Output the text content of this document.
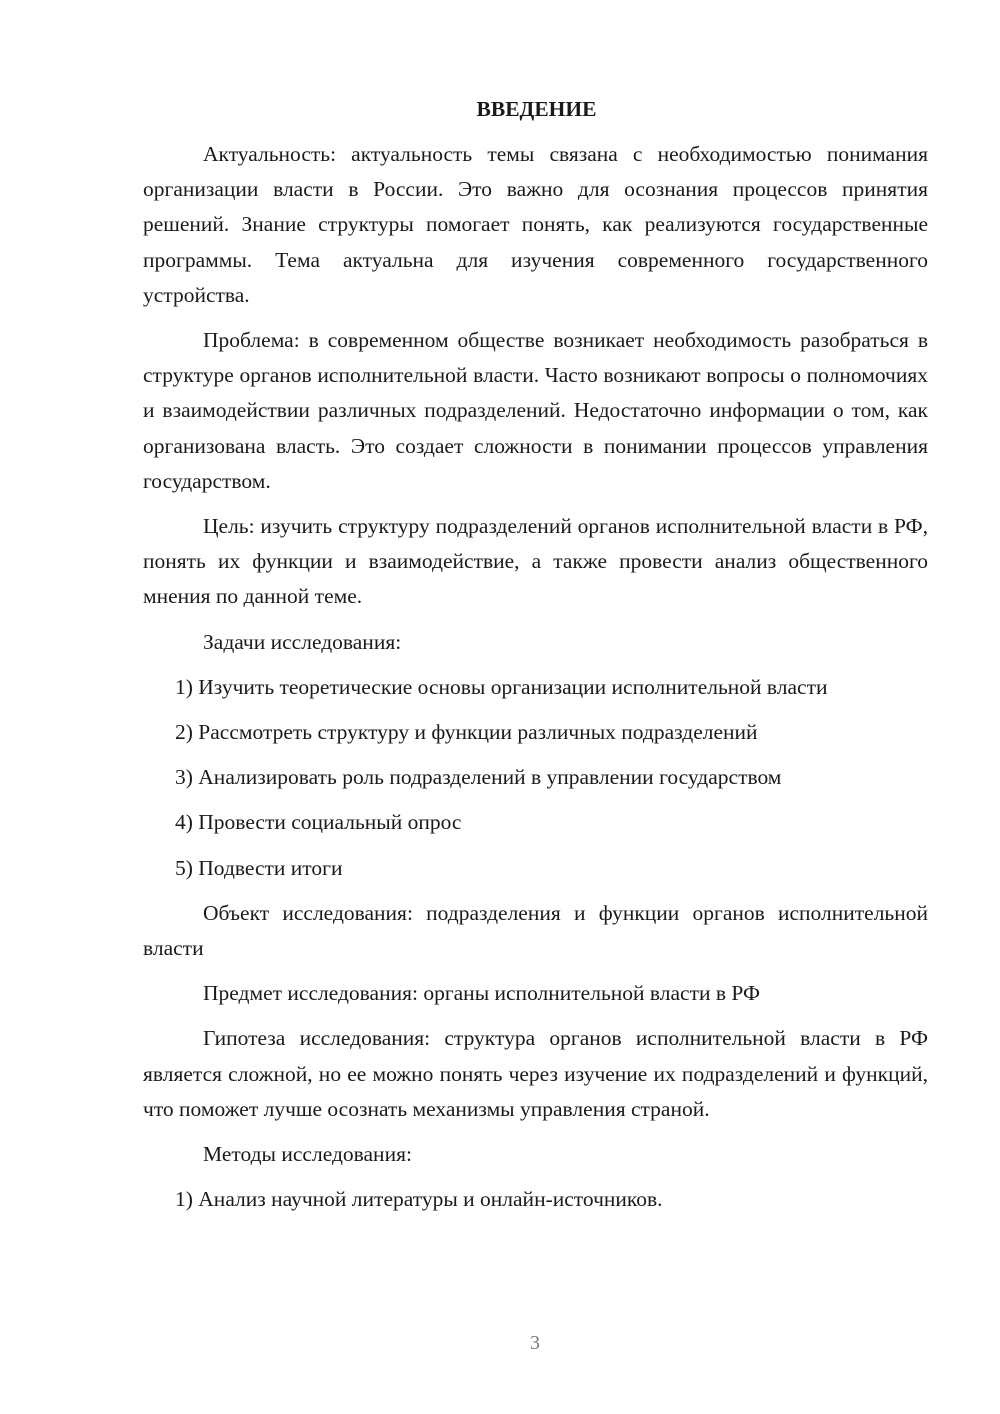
ВВЕДЕНИЕ

Актуальность: актуальность темы связана с необходимостью понимания организации власти в России. Это важно для осознания процессов принятия решений. Знание структуры помогает понять, как реализуются государственные программы. Тема актуальна для изучения современного государственного устройства.

Проблема: в современном обществе возникает необходимость разобраться в структуре органов исполнительной власти. Часто возникают вопросы о полномочиях и взаимодействии различных подразделений. Недостаточно информации о том, как организована власть. Это создает сложности в понимании процессов управления государством.

Цель: изучить структуру подразделений органов исполнительной власти в РФ, понять их функции и взаимодействие, а также провести анализ общественного мнения по данной теме.

Задачи исследования:

1) Изучить теоретические основы организации исполнительной власти

2) Рассмотреть структуру и функции различных подразделений

3) Анализировать роль подразделений в управлении государством

4) Провести социальный опрос

5) Подвести итоги

Объект исследования: подразделения и функции органов исполнительной власти

Предмет исследования: органы исполнительной власти в РФ

Гипотеза исследования: структура органов исполнительной власти в РФ является сложной, но ее можно понять через изучение их подразделений и функций, что поможет лучше осознать механизмы управления страной.

Методы исследования:

1) Анализ научной литературы и онлайн-источников.

3
